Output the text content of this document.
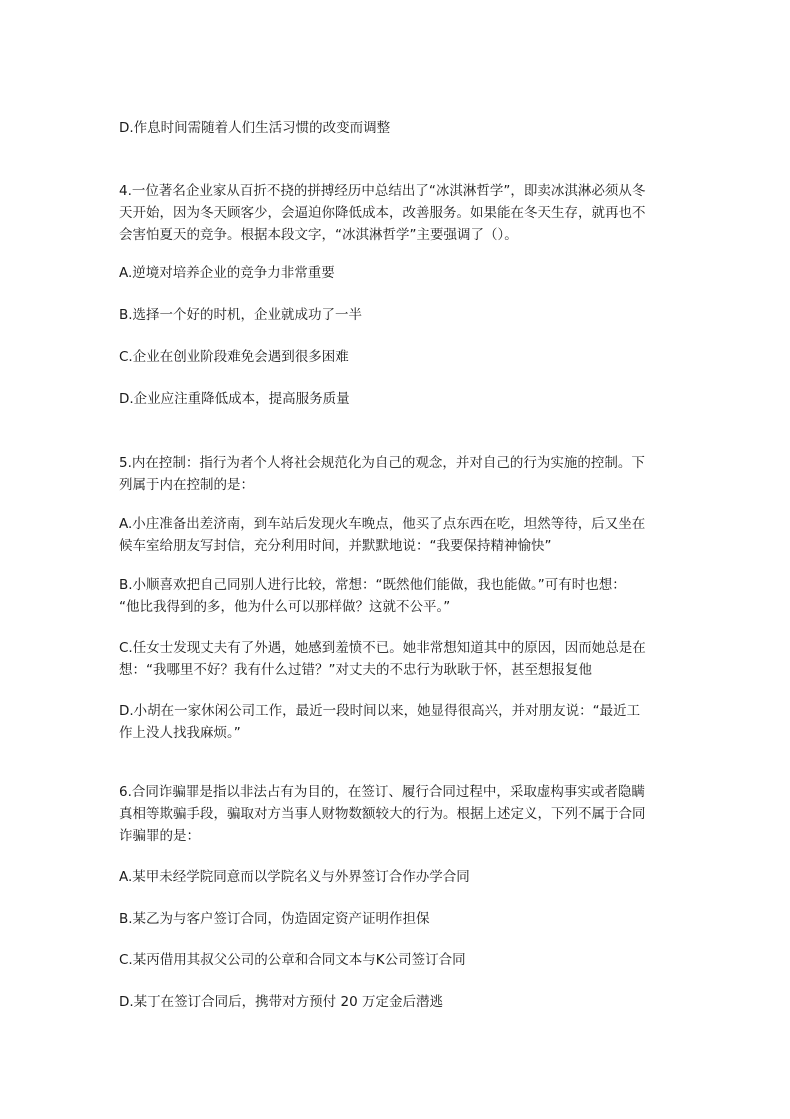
D.作息时间需随着人们生活习惯的改变而调整
4.一位著名企业家从百折不挠的拼搏经历中总结出了“冰淇淋哲学”，即卖冰淇淋必须从冬
天开始，因为冬天顾客少，会逼迫你降低成本，改善服务。如果能在冬天生存，就再也不
会害怕夏天的竞争。根据本段文字，“冰淇淋哲学”主要强调了（）。
A.逆境对培养企业的竞争力非常重要
B.选择一个好的时机，企业就成功了一半
C.企业在创业阶段难免会遇到很多困难
D.企业应注重降低成本，提高服务质量
5.内在控制：指行为者个人将社会规范化为自己的观念，并对自己的行为实施的控制。下
列属于内在控制的是：
A.小庄准备出差济南，到车站后发现火车晚点，他买了点东西在吃，坦然等待，后又坐在
候车室给朋友写封信，充分利用时间，并默默地说：“我要保持精神愉快”
B.小顺喜欢把自己同别人进行比较，常想：“既然他们能做，我也能做。”可有时也想：
“他比我得到的多，他为什么可以那样做？这就不公平。”
C.任女士发现丈夫有了外遇，她感到羞愤不已。她非常想知道其中的原因，因而她总是在
想：“我哪里不好？我有什么过错？”对丈夫的不忠行为耿耿于怀，甚至想报复他
D.小胡在一家休闲公司工作，最近一段时间以来，她显得很高兴，并对朋友说：“最近工
作上没人找我麻烦。”
6.合同诈骗罪是指以非法占有为目的，在签订、履行合同过程中，采取虚构事实或者隐瞒
真相等欺骗手段，骗取对方当事人财物数额较大的行为。根据上述定义，下列不属于合同
诈骗罪的是：
A.某甲未经学院同意而以学院名义与外界签订合作办学合同
B.某乙为与客户签订合同，伪造固定资产证明作担保
C.某丙借用其叔父公司的公章和合同文本与K公司签订合同
D.某丁在签订合同后，携带对方预付 20 万定金后潜逃
